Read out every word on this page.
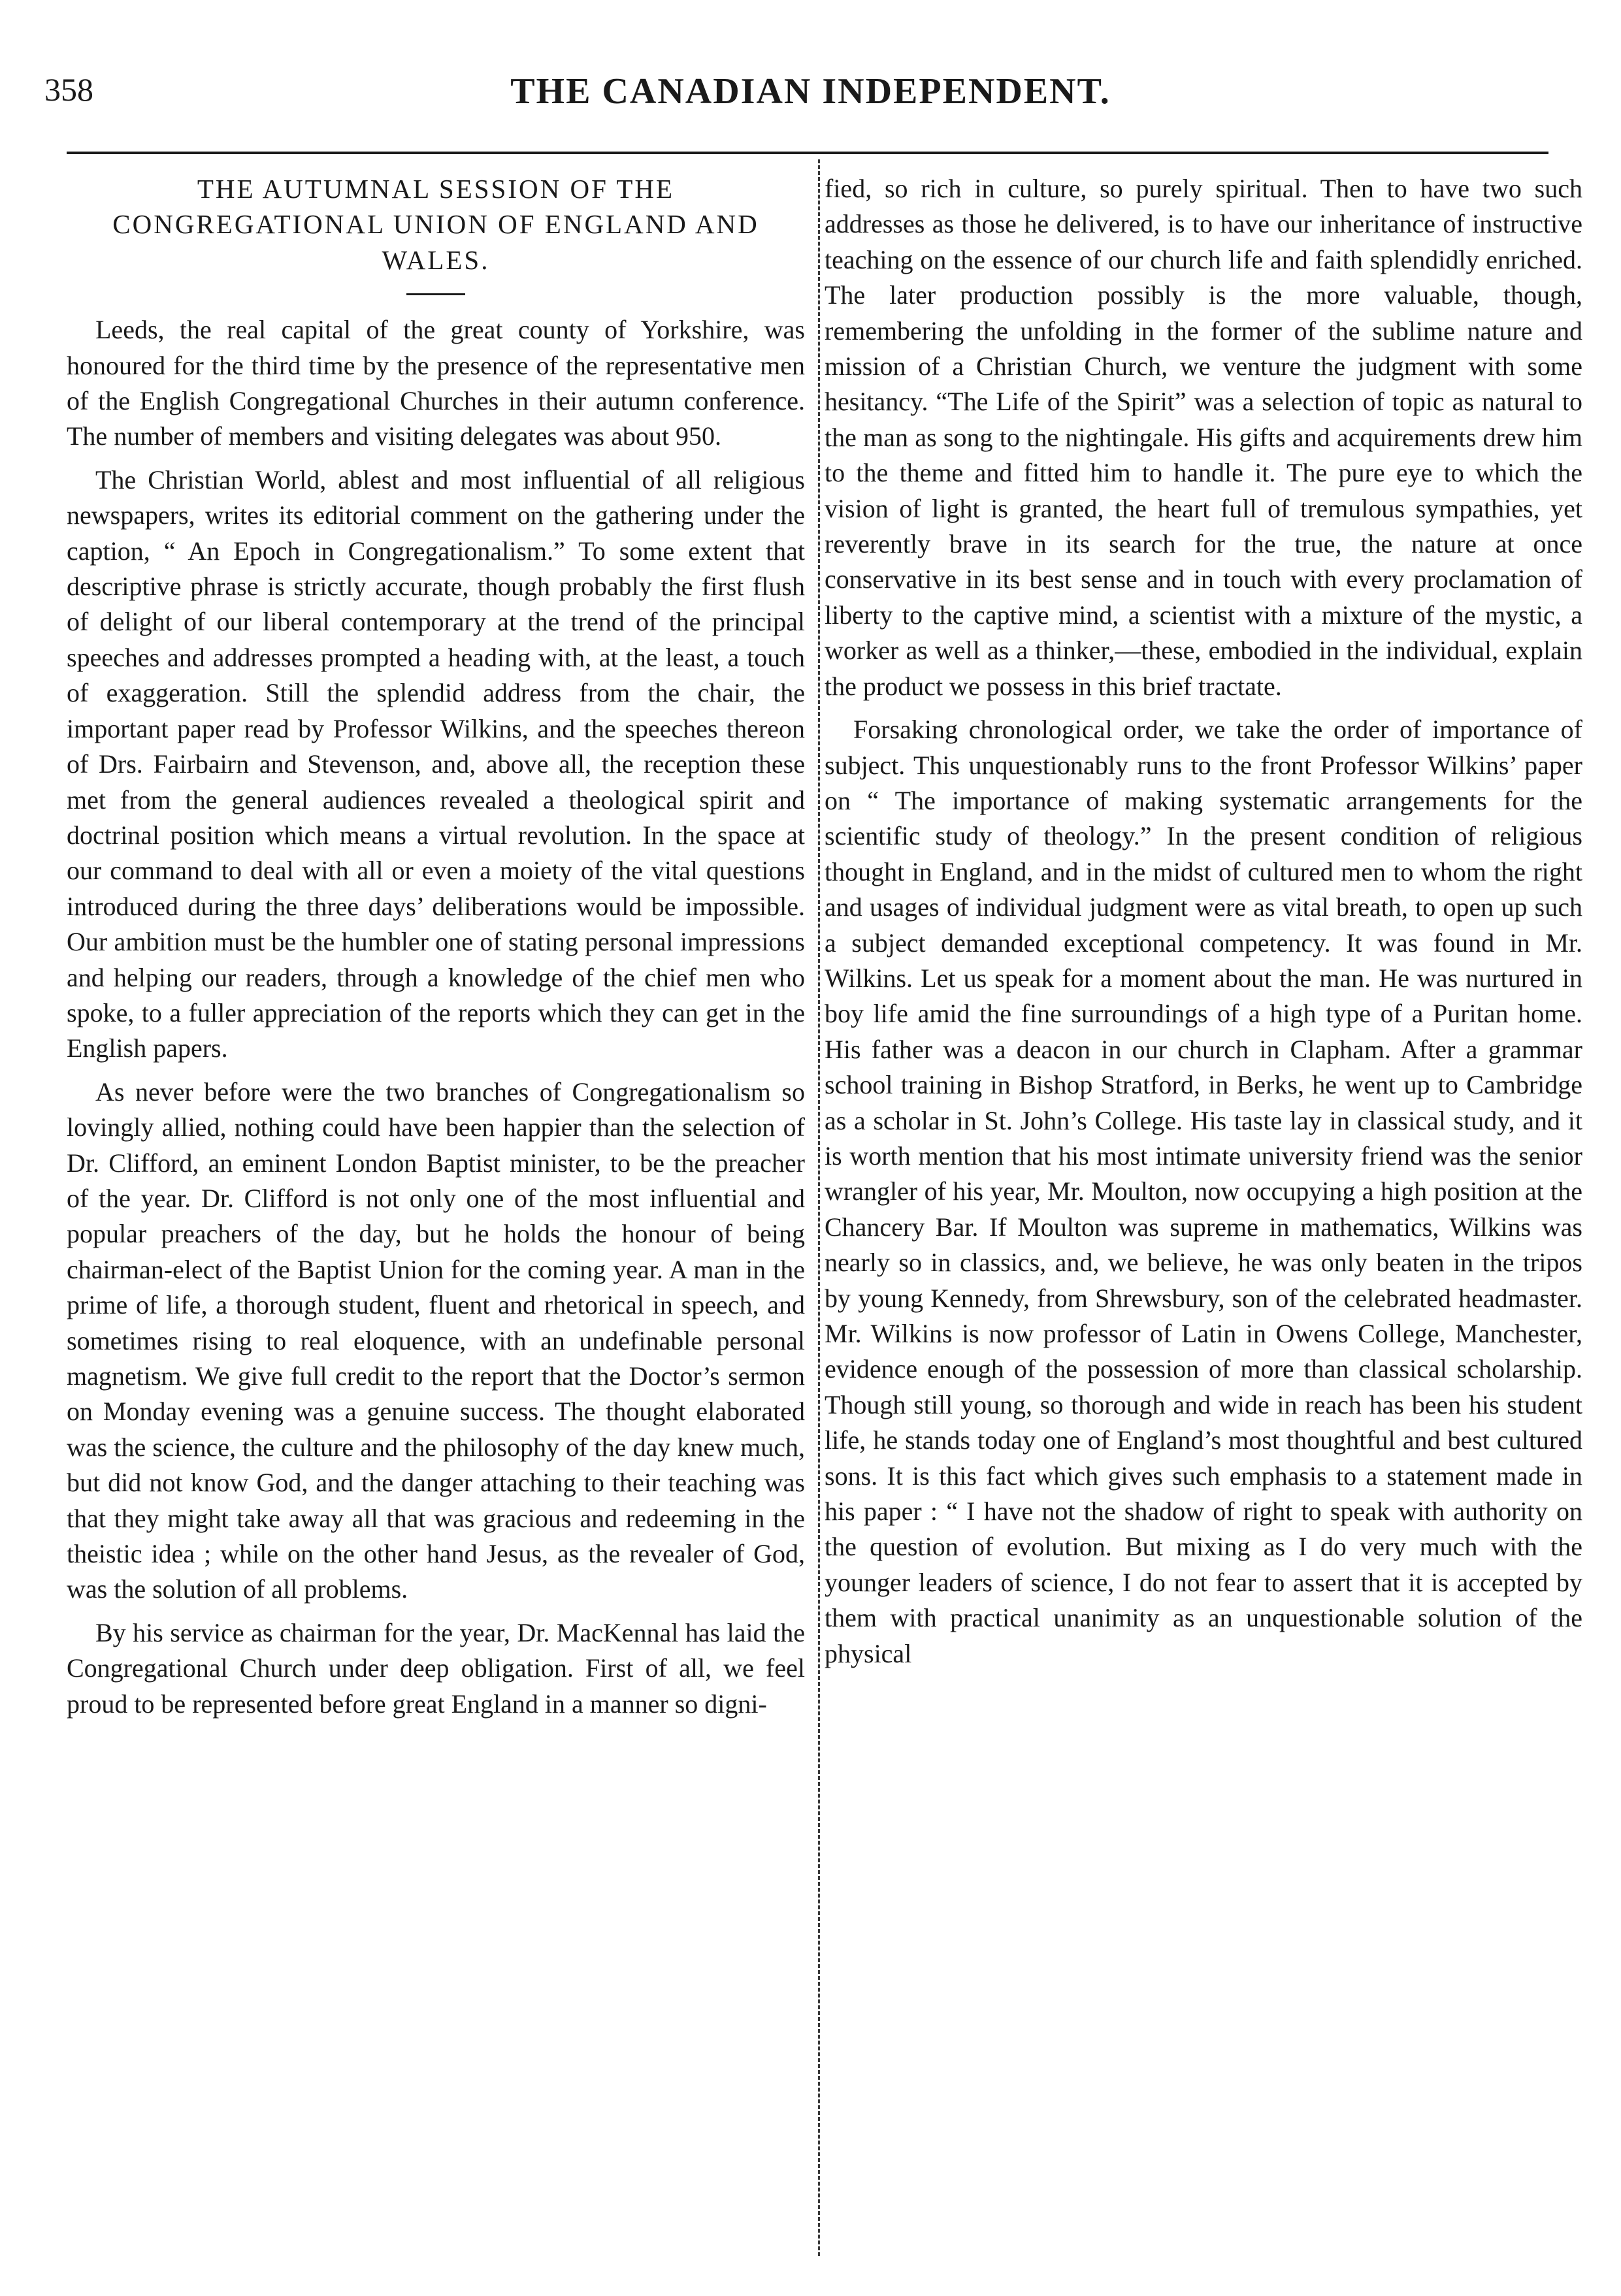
358	THE CANADIAN INDEPENDENT.
THE AUTUMNAL SESSION OF THE CONGREGATIONAL UNION OF ENGLAND AND WALES.

Leeds, the real capital of the great county of Yorkshire, was honoured for the third time by the presence of the representative men of the English Congregational Churches in their autumn conference. The number of members and visiting delegates was about 950.

The Christian World, ablest and most influential of all religious newspapers, writes its editorial comment on the gathering under the caption, “ An Epoch in Congregationalism.” To some extent that descriptive phrase is strictly accurate, though probably the first flush of delight of our liberal contemporary at the trend of the principal speeches and addresses prompted a heading with, at the least, a touch of exaggeration. Still the splendid address from the chair, the important paper read by Professor Wilkins, and the speeches thereon of Drs. Fairbairn and Stevenson, and, above all, the reception these met from the general audiences revealed a theological spirit and doctrinal position which means a virtual revolution. In the space at our command to deal with all or even a moiety of the vital questions introduced during the three days’ deliberations would be impossible. Our ambition must be the humbler one of stating personal impressions and helping our readers, through a knowledge of the chief men who spoke, to a fuller appreciation of the reports which they can get in the English papers.

As never before were the two branches of Congregationalism so lovingly allied, nothing could have been happier than the selection of Dr. Clifford, an eminent London Baptist minister, to be the preacher of the year. Dr. Clifford is not only one of the most influential and popular preachers of the day, but he holds the honour of being chairman-elect of the Baptist Union for the coming year. A man in the prime of life, a thorough student, fluent and rhetorical in speech, and sometimes rising to real eloquence, with an undefinable personal magnetism. We give full credit to the report that the Doctor’s sermon on Monday evening was a genuine success. The thought elaborated was the science, the culture and the philosophy of the day knew much, but did not know God, and the danger attaching to their teaching was that they might take away all that was gracious and redeeming in the theistic idea ; while on the other hand Jesus, as the revealer of God, was the solution of all problems.

By his service as chairman for the year, Dr. MacKennal has laid the Congregational Church under deep obligation. First of all, we feel proud to be represented before great England in a manner so digni-

fied, so rich in culture, so purely spiritual. Then to have two such addresses as those he delivered, is to have our inheritance of instructive teaching on the essence of our church life and faith splendidly enriched. The later production possibly is the more valuable, though, remembering the unfolding in the former of the sublime nature and mission of a Christian Church, we venture the judgment with some hesitancy. “The Life of the Spirit” was a selection of topic as natural to the man as song to the nightingale. His gifts and acquirements drew him to the theme and fitted him to handle it. The pure eye to which the vision of light is granted, the heart full of tremulous sympathies, yet reverently brave in its search for the true, the nature at once conservative in its best sense and in touch with every proclamation of liberty to the captive mind, a scientist with a mixture of the mystic, a worker as well as a thinker,—these, embodied in the individual, explain the product we possess in this brief tractate.

Forsaking chronological order, we take the order of importance of subject. This unquestionably runs to the front Professor Wilkins’ paper on “ The importance of making systematic arrangements for the scientific study of theology.” In the present condition of religious thought in England, and in the midst of cultured men to whom the right and usages of individual judgment were as vital breath, to open up such a subject demanded exceptional competency. It was found in Mr. Wilkins. Let us speak for a moment about the man. He was nurtured in boy life amid the fine surroundings of a high type of a Puritan home. His father was a deacon in our church in Clapham. After a grammar school training in Bishop Stratford, in Berks, he went up to Cambridge as a scholar in St. John’s College. His taste lay in classical study, and it is worth mention that his most intimate university friend was the senior wrangler of his year, Mr. Moulton, now occupying a high position at the Chancery Bar. If Moulton was supreme in mathematics, Wilkins was nearly so in classics, and, we believe, he was only beaten in the tripos by young Kennedy, from Shrewsbury, son of the celebrated headmaster. Mr. Wilkins is now professor of Latin in Owens College, Manchester, evidence enough of the possession of more than classical scholarship. Though still young, so thorough and wide in reach has been his student life, he stands today one of England’s most thoughtful and best cultured sons. It is this fact which gives such emphasis to a statement made in his paper : “ I have not the shadow of right to speak with authority on the question of evolution. But mixing as I do very much with the younger leaders of science, I do not fear to assert that it is accepted by them with practical unanimity as an unquestionable solution of the physical
